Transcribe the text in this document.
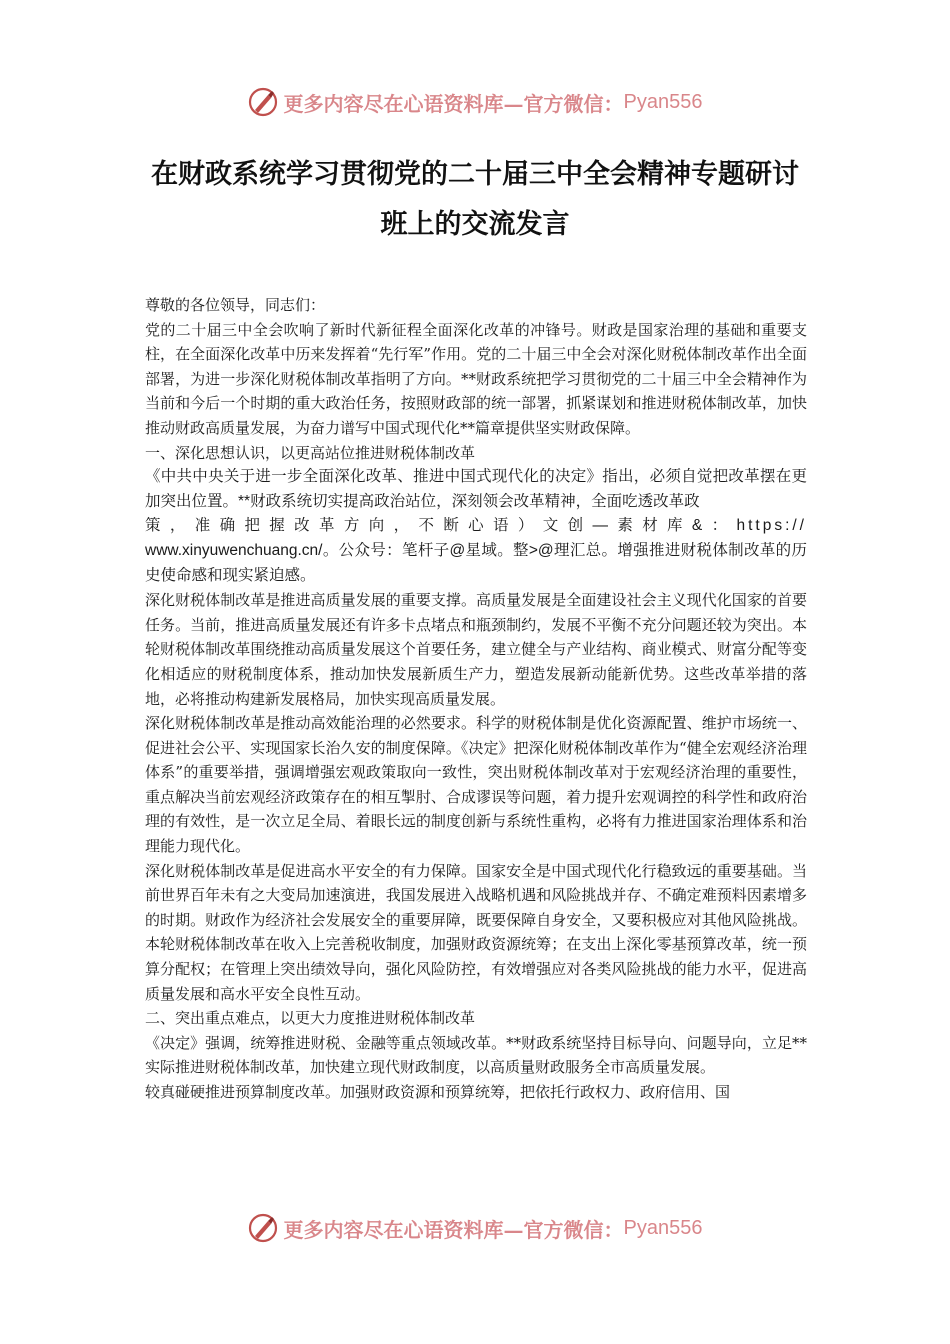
更多内容尽在心语资料库—官方微信： Pyan556
在财政系统学习贯彻党的二十届三中全会精神专题研讨班上的交流发言

尊敬的各位领导，同志们：

党的二十届三中全会吹响了新时代新征程全面深化改革的冲锋号。财政是国家治理的基础和重要支柱，在全面深化改革中历来发挥着“先行军”作用。党的二十届三中全会对深化财税体制改革作出全面部署，为进一步深化财税体制改革指明了方向。**财政系统把学习贯彻党的二十届三中全会精神作为当前和今后一个时期的重大政治任务，按照财政部的统一部署，抓紧谋划和推进财税体制改革，加快推动财政高质量发展，为奋力谱写中国式现代化**篇章提供坚实财政保障。

一、深化思想认识，以更高站位推进财税体制改革

《中共中央关于进一步全面深化改革、推进中国式现代化的决定》指出，必须自觉把改革摆在更加突出位置。**财政系统切实提高政治站位，深刻领会改革精神，全面吃透改革政

策，准确把握改革方向，不断心语）文创—素材库&：https://

www.xinyuwenchuang.cn/。公众号：笔杆子@星域。整>@理汇总。增强推进财税体制改革的历史使命感和现实紧迫感。

深化财税体制改革是推进高质量发展的重要支撑。高质量发展是全面建设社会主义现代化国家的首要任务。当前，推进高质量发展还有许多卡点堵点和瓶颈制约，发展不平衡不充分问题还较为突出。本轮财税体制改革围绕推动高质量发展这个首要任务，建立健全与产业结构、商业模式、财富分配等变化相适应的财税制度体系，推动加快发展新质生产力，塑造发展新动能新优势。这些改革举措的落地，必将推动构建新发展格局，加快实现高质量发展。

深化财税体制改革是推动高效能治理的必然要求。科学的财税体制是优化资源配置、维护市场统一、促进社会公平、实现国家长治久安的制度保障。《决定》把深化财税体制改革作为“健全宏观经济治理体系”的重要举措，强调增强宏观政策取向一致性，突出财税体制改革对于宏观经济治理的重要性，重点解决当前宏观经济政策存在的相互掣肘、合成谬误等问题，着力提升宏观调控的科学性和政府治理的有效性，是一次立足全局、着眼长远的制度创新与系统性重构，必将有力推进国家治理体系和治理能力现代化。

深化财税体制改革是促进高水平安全的有力保障。国家安全是中国式现代化行稳致远的重要基础。当前世界百年未有之大变局加速演进，我国发展进入战略机遇和风险挑战并存、不确定难预料因素增多的时期。财政作为经济社会发展安全的重要屏障，既要保障自身安全，又要积极应对其他风险挑战。本轮财税体制改革在收入上完善税收制度，加强财政资源统筹；在支出上深化零基预算改革，统一预算分配权；在管理上突出绩效导向，强化风险防控，有效增强应对各类风险挑战的能力水平，促进高质量发展和高水平安全良性互动。

二、突出重点难点，以更大力度推进财税体制改革

《决定》强调，统筹推进财税、金融等重点领域改革。**财政系统坚持目标导向、问题导向，立足**实际推进财税体制改革，加快建立现代财政制度，以高质量财政服务全市高质量发展。

较真碰硬推进预算制度改革。加强财政资源和预算统筹，把依托行政权力、政府信用、国

更多内容尽在心语资料库—官方微信： Pyan556
